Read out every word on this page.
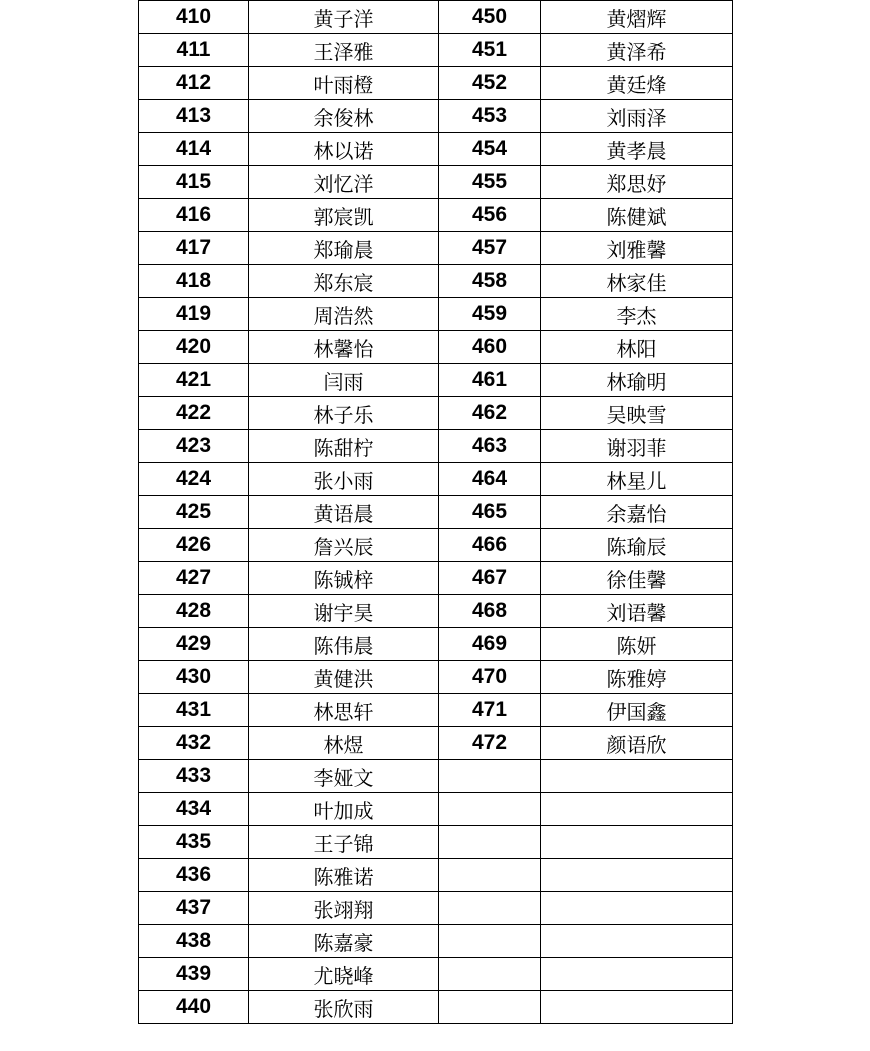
410	黄子洋	450	黄熠辉
411	王泽雅	451	黄泽希
412	叶雨橙	452	黄廷烽
413	余俊林	453	刘雨泽
414	林以诺	454	黄孝晨
415	刘忆洋	455	郑思妤
416	郭宸凯	456	陈健斌
417	郑瑜晨	457	刘雅馨
418	郑东宸	458	林家佳
419	周浩然	459	李杰
420	林馨怡	460	林阳
421	闫雨	461	林瑜明
422	林子乐	462	吴映雪
423	陈甜柠	463	谢羽菲
424	张小雨	464	林星儿
425	黄语晨	465	余嘉怡
426	詹兴辰	466	陈瑜辰
427	陈铖梓	467	徐佳馨
428	谢宇昊	468	刘语馨
429	陈伟晨	469	陈妍
430	黄健洪	470	陈雅婷
431	林思轩	471	伊国鑫
432	林煜	472	颜语欣
433	李娅文		
434	叶加成		
435	王子锦		
436	陈雅诺		
437	张翊翔		
438	陈嘉豪		
439	尤晓峰		
440	张欣雨		
